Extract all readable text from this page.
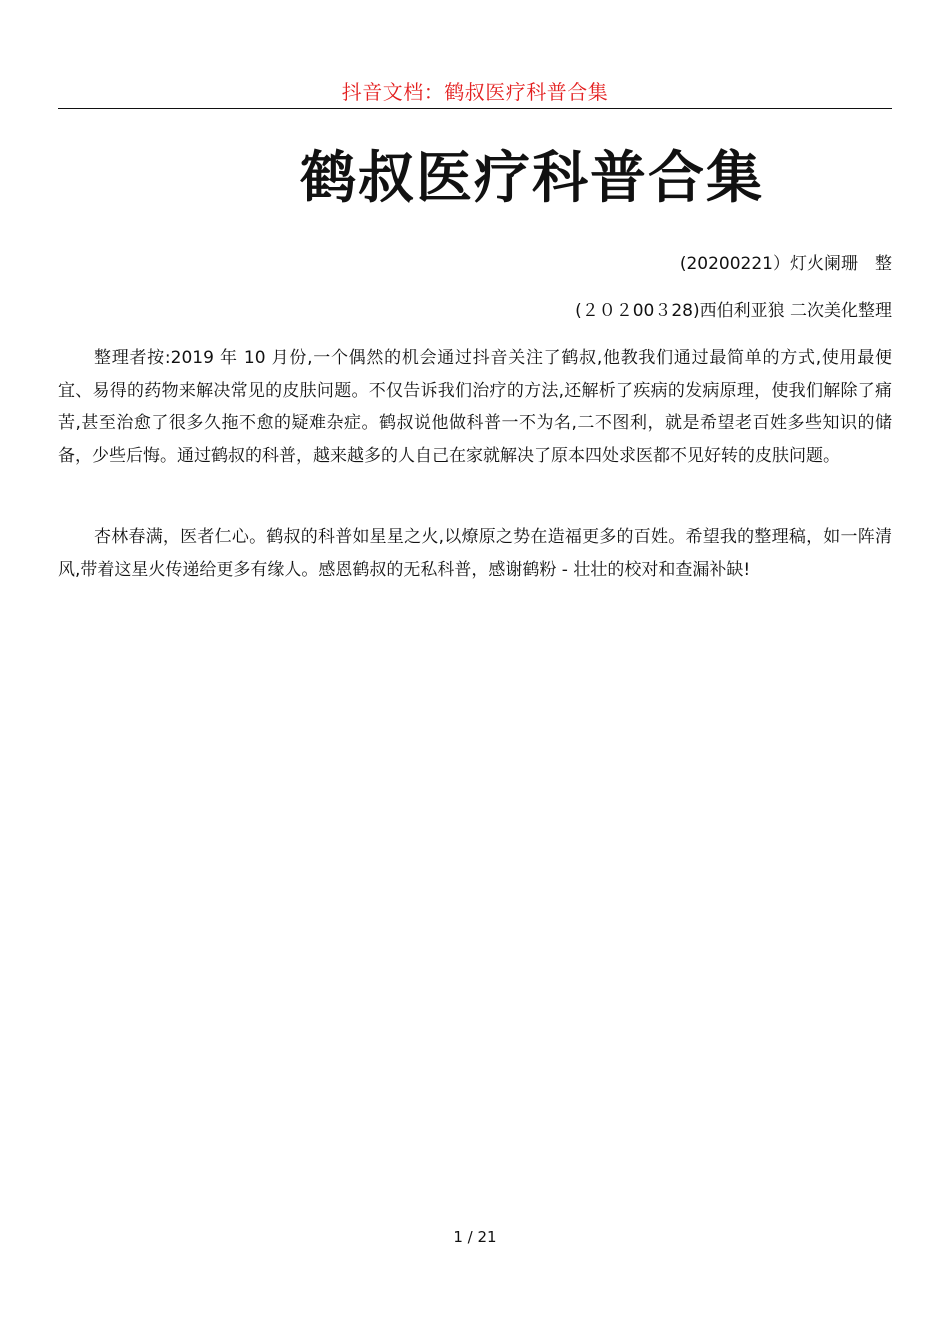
抖音文档：鹤叔医疗科普合集
鹤叔医疗科普合集
(20200221）灯火阑珊　整
(２０２00３28)西伯利亚狼 二次美化整理

整理者按:2019 年 10 月份,一个偶然的机会通过抖音关注了鹤叔,他教我们通过最简单的方式,使用最便宜、易得的药物来解决常见的皮肤问题。不仅告诉我们治疗的方法,还解析了疾病的发病原理，使我们解除了痛苦,甚至治愈了很多久拖不愈的疑难杂症。鹤叔说他做科普一不为名,二不图利，就是希望老百姓多些知识的储备，少些后悔。通过鹤叔的科普，越来越多的人自己在家就解决了原本四处求医都不见好转的皮肤问题。

杏林春满，医者仁心。鹤叔的科普如星星之火,以燎原之势在造福更多的百姓。希望我的整理稿，如一阵清风,带着这星火传递给更多有缘人。感恩鹤叔的无私科普，感谢鹤粉 - 壮壮的校对和查漏补缺!

1 / 21
